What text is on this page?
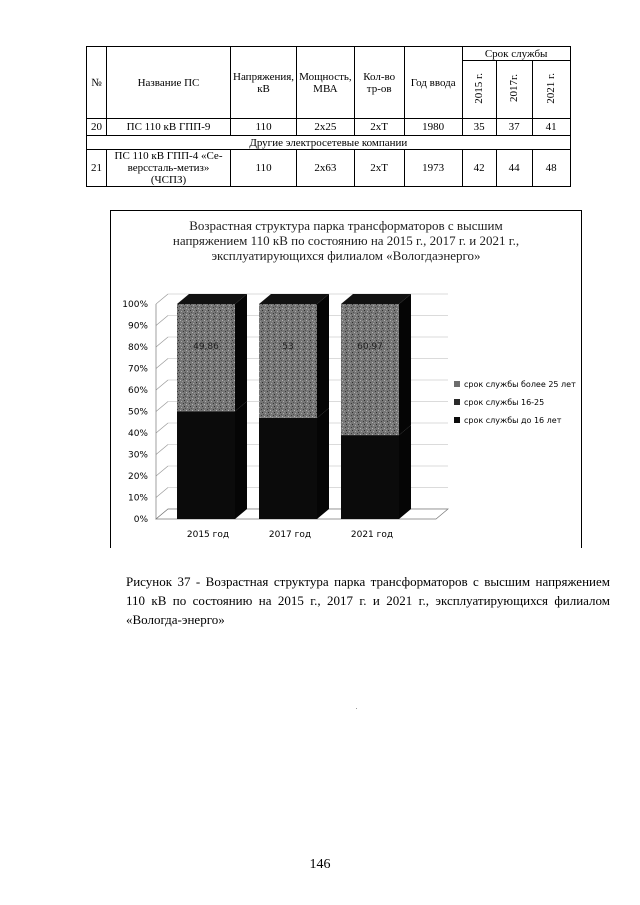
№	Название ПС	Напряжения, кВ	Мощность, МВА	Кол-во тр-ов	Год ввода	Срок службы		
						2015 г.	2017г.	2021 г.
20	ПС 110 кВ ГПП-9	110	2x25	2xT	1980	35	37	41
Другие электросетевые компании								
21	ПС 110 кВ ГПП-4 «Се-верссталь-метиз» (ЧСПЗ)	110	2x63	2xT	1973	42	44	48
Возрастная структура парка трансформаторов с высшим
напряжением 110 кВ по состоянию на 2015 г., 2017 г. и 2021 г.,
эксплуатирующихся филиалом «Вологдаэнерго»
0%
10%
20%
30%
40%
50%
60%
70%
80%
90%
100%
49,86
2015 год
53
2017 год
60,97
2021 год
срок службы более 25 лет
срок службы 16-25
срок службы до 16 лет
Рисунок 37 - Возрастная структура парка трансформаторов с высшим напряжением 110 кВ по состоянию на 2015 г., 2017 г. и 2021 г., эксплуатирующихся филиалом «Вологда-энерго»
146
